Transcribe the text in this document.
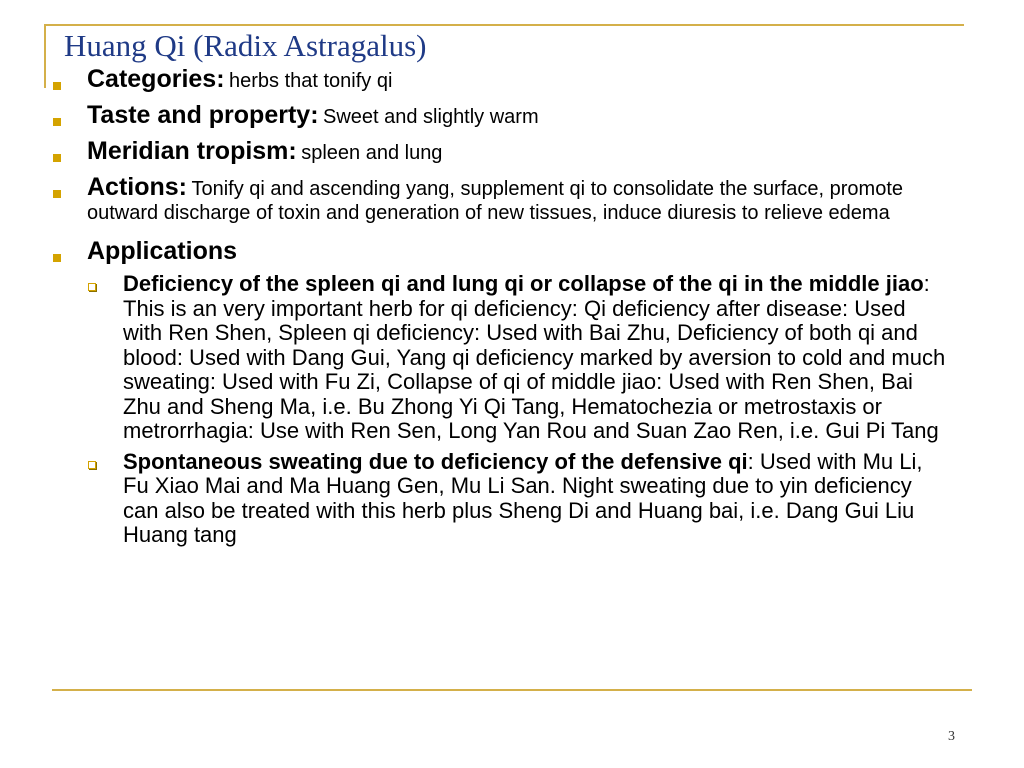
Huang Qi (Radix Astragalus)
Categories: herbs that tonify qi
Taste and property: Sweet and slightly warm
Meridian tropism: spleen and lung
Actions: Tonify qi and ascending yang, supplement qi to consolidate the surface, promote outward discharge of toxin and generation of new tissues, induce diuresis to relieve edema
Applications
Deficiency of the spleen qi and lung qi or collapse of the qi in the middle jiao: This is an very important herb for qi deficiency: Qi deficiency after disease: Used with Ren Shen, Spleen qi deficiency: Used with Bai Zhu, Deficiency of both qi and blood: Used with Dang Gui, Yang qi deficiency marked by aversion to cold and much sweating: Used with Fu Zi, Collapse of qi of middle jiao: Used with Ren Shen, Bai Zhu and Sheng Ma, i.e. Bu Zhong Yi Qi Tang, Hematochezia or metrostaxis or metrorrhagia: Use with Ren Sen, Long Yan Rou and Suan Zao Ren, i.e. Gui Pi Tang
Spontaneous sweating due to deficiency of the defensive qi: Used with Mu Li, Fu Xiao Mai and Ma Huang Gen, Mu Li San. Night sweating due to yin deficiency can also be treated with this herb plus Sheng Di and Huang bai, i.e. Dang Gui Liu Huang tang
3
